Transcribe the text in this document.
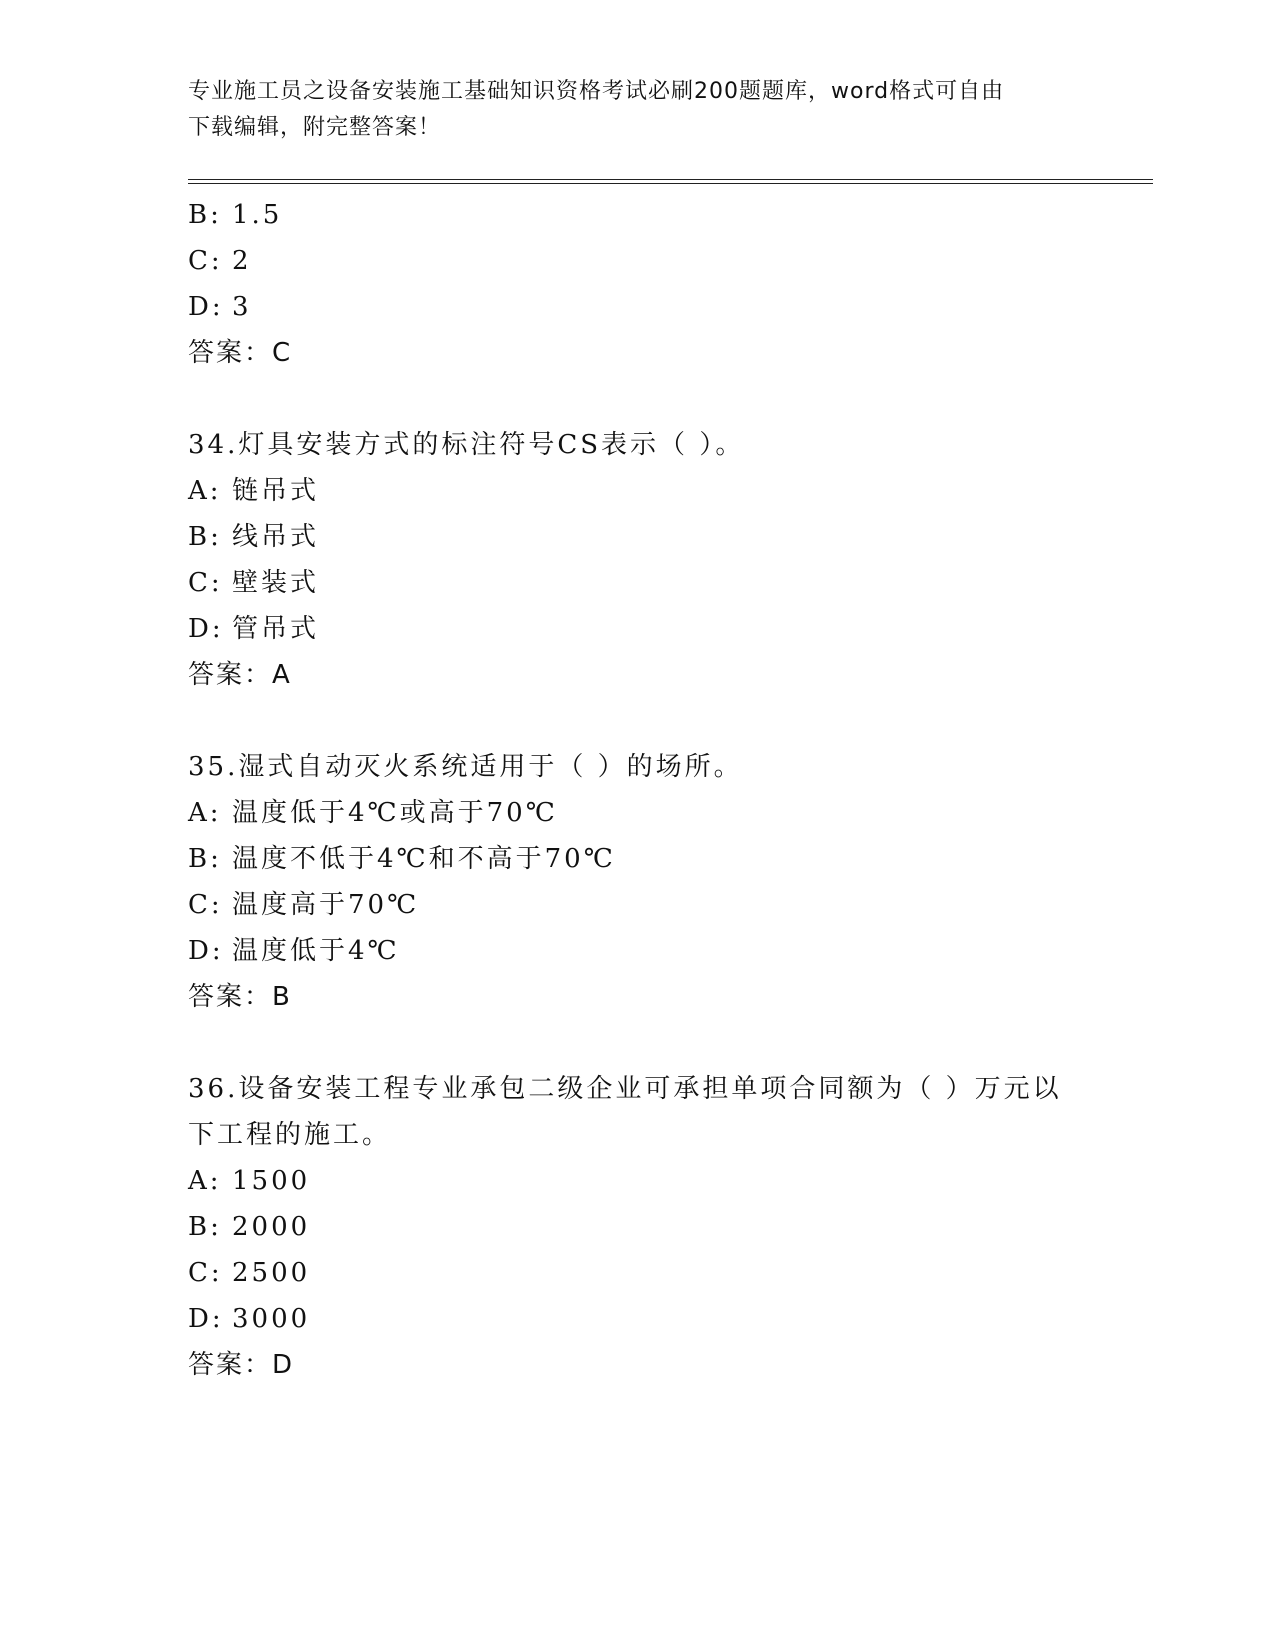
专业施工员之设备安装施工基础知识资格考试必刷200题题库，word格式可自由
下载编辑，附完整答案！
B: 1.5
C: 2
D: 3
答案：C
34.灯具安装方式的标注符号CS表示（ ）。
A: 链吊式
B: 线吊式
C: 壁装式
D: 管吊式
答案：A
35.湿式自动灭火系统适用于（ ）的场所。
A: 温度低于4℃或高于70℃
B: 温度不低于4℃和不高于70℃
C: 温度高于70℃
D: 温度低于4℃
答案：B
36.设备安装工程专业承包二级企业可承担单项合同额为（ ）万元以
下工程的施工。
A: 1500
B: 2000
C: 2500
D: 3000
答案：D
